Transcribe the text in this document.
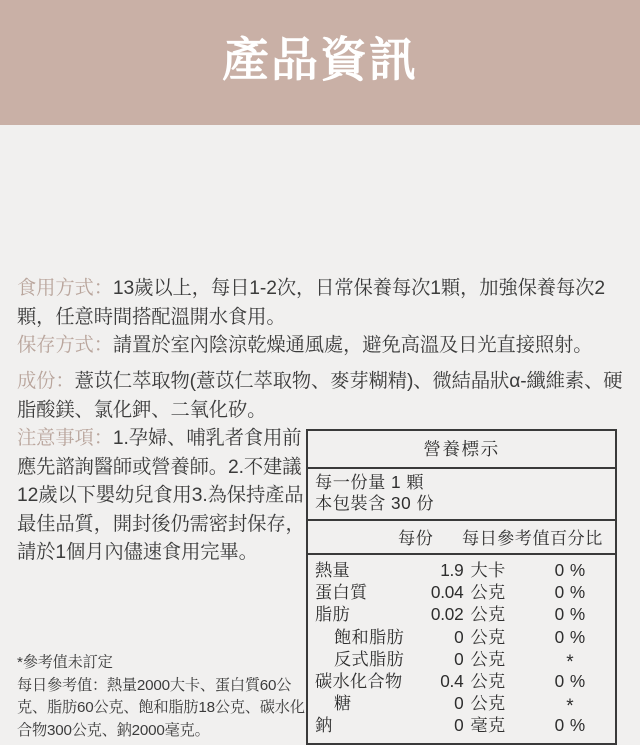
產品資訊
食用方式：13歲以上，每日1-2次，日常保養每次1顆，加強保養每次2顆，任意時間搭配溫開水食用。
保存方式：請置於室內陰涼乾燥通風處，避免高溫及日光直接照射。
成份：薏苡仁萃取物(薏苡仁萃取物、麥芽糊精)、微結晶狀α-纖維素、硬脂酸鎂、氯化鉀、二氧化矽。
注意事項：1.孕婦、哺乳者食用前應先諮詢醫師或營養師。2.不建議12歲以下嬰幼兒食用3.為保持產品最佳品質，開封後仍需密封保存，請於1個月內儘速食用完畢。
*參考值未訂定
每日參考值：熱量2000大卡、蛋白質60公克、脂肪60公克、飽和脂肪18公克、碳水化合物300公克、鈉2000毫克。
營養標示
每一份量 1 顆
本包裝含 30 份
每份	每日參考值百分比
熱量	1.9 大卡	0 %
蛋白質	0.04 公克	0 %
脂肪	0.02 公克	0 %
飽和脂肪	0 公克	0 %
反式脂肪	0 公克	*
碳水化合物	0.4 公克	0 %
糖	0 公克	*
鈉	0 毫克	0 %
